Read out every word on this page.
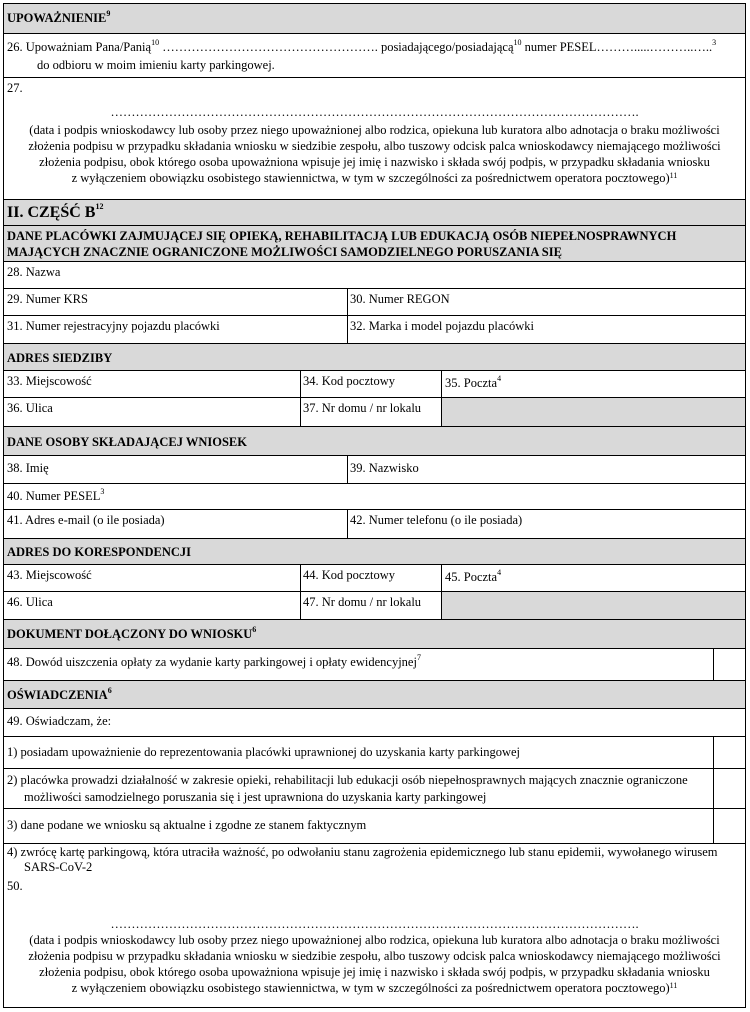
UPOWAŻNIENIE$^9$
26. Upoważniam Pana/Panią$^{10}$ ……………………………………………. posiadającego/posiadającą$^{10}$ numer PESEL……….....………..…..$^3$
do odbioru w moim imieniu karty parkingowej.
27.
……………………………………………………………………………………………………………….
(data i podpis wnioskodawcy lub osoby przez niego upoważnionej albo rodzica, opiekuna lub kuratora albo adnotacja o braku możliwości
złożenia podpisu w przypadku składania wniosku w siedzibie zespołu, albo tuszowy odcisk palca wnioskodawcy niemającego możliwości
złożenia podpisu, obok którego osoba upoważniona wpisuje jej imię i nazwisko i składa swój podpis, w przypadku składania wniosku
z wyłączeniem obowiązku osobistego stawiennictwa, w tym w szczególności za pośrednictwem operatora pocztowego)$^{11}$
II. CZĘŚĆ $B^{12}$
DANE PLACÓWKI ZAJMUJĄCEJ SIĘ OPIEKĄ, REHABILITACJĄ LUB EDUKACJĄ OSÓB NIEPEŁNOSPRAWNYCH
MAJĄCYCH ZNACZNIE OGRANICZONE MOŻLIWOŚCI SAMODZIELNEGO PORUSZANIA SIĘ
28. Nazwa
29. Numer KRS	30. Numer REGON
31. Numer rejestracyjny pojazdu placówki	32. Marka i model pojazdu placówki
ADRES SIEDZIBY
33. Miejscowość	34. Kod pocztowy	35. Poczta$^4$
36. Ulica	37. Nr domu / nr lokalu
DANE OSOBY SKŁADAJĄCEJ WNIOSEK
38. Imię	39. Nazwisko
40. Numer PESEL$^3$
41. Adres e-mail (o ile posiada)	42. Numer telefonu (o ile posiada)
ADRES DO KORESPONDENCJI
43. Miejscowość	44. Kod pocztowy	45. Poczta$^4$
46. Ulica	47. Nr domu / nr lokalu
DOKUMENT DOŁĄCZONY DO WNIOSKU$^6$
48. Dowód uiszczenia opłaty za wydanie karty parkingowej i opłaty ewidencyjnej$^7$
OŚWIADCZENIA$^6$
49. Oświadczam, że:
1) posiadam upoważnienie do reprezentowania placówki uprawnionej do uzyskania karty parkingowej
2) placówka prowadzi działalność w zakresie opieki, rehabilitacji lub edukacji osób niepełnosprawnych mających znacznie ograniczone
możliwości samodzielnego poruszania się i jest uprawniona do uzyskania karty parkingowej
3) dane podane we wniosku są aktualne i zgodne ze stanem faktycznym
4) zwrócę kartę parkingową, która utraciła ważność, po odwołaniu stanu zagrożenia epidemicznego lub stanu epidemii, wywołanego wirusem
SARS-CoV-2
50.
……………………………………………………………………………………………………………….
(data i podpis wnioskodawcy lub osoby przez niego upoważnionej albo rodzica, opiekuna lub kuratora albo adnotacja o braku możliwości
złożenia podpisu w przypadku składania wniosku w siedzibie zespołu, albo tuszowy odcisk palca wnioskodawcy niemającego możliwości
złożenia podpisu, obok którego osoba upoważniona wpisuje jej imię i nazwisko i składa swój podpis, w przypadku składania wniosku
z wyłączeniem obowiązku osobistego stawiennictwa, w tym w szczególności za pośrednictwem operatora pocztowego)$^{11}$
